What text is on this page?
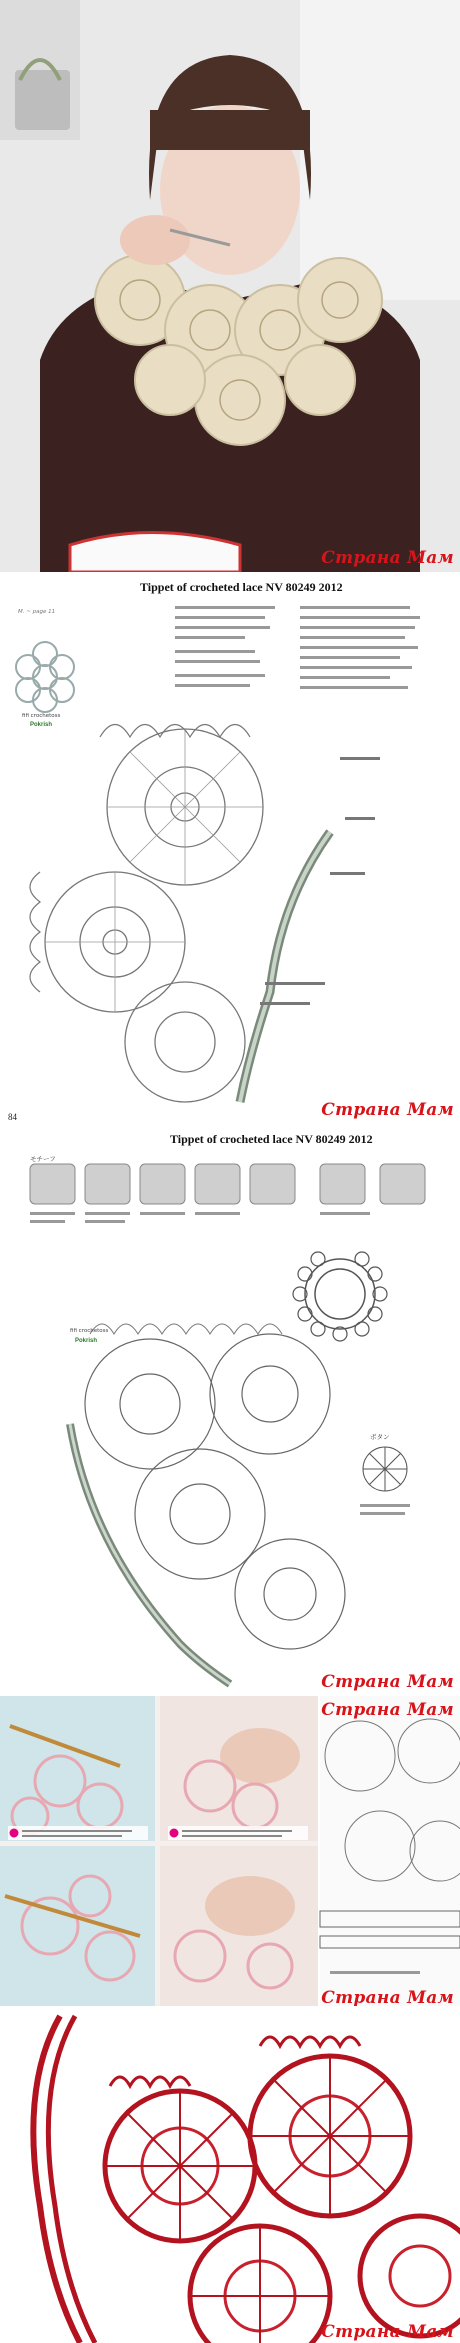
Страна Мам
Tippet of crocheted lace NV 80249 2012
M. ~ page 11
Pokrish
fifi crochetoss
84	Страна Мам
Tippet of crocheted lace NV 80249 2012
Pokrish
fifi crochetoss
ボタン
モチーフ
Страна Мам
Страна Мам
Страна Мам
Страна Мам
